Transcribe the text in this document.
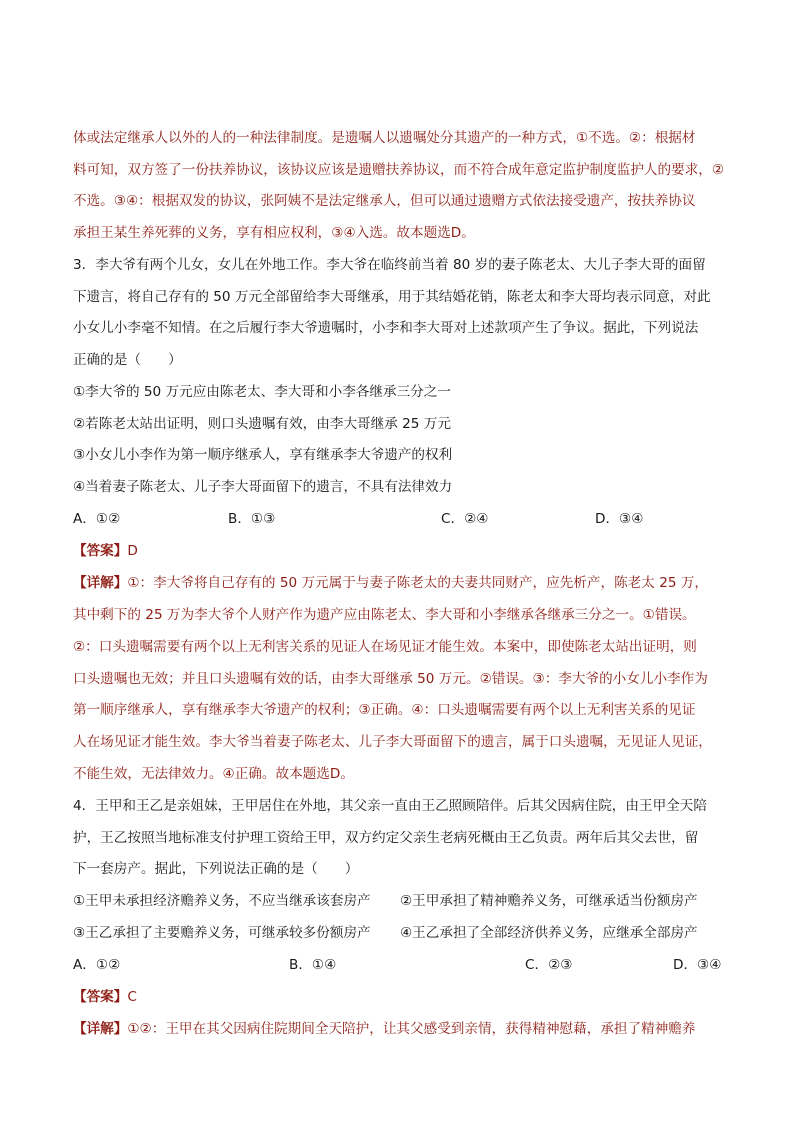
体或法定继承人以外的人的一种法律制度。是遗嘱人以遗嘱处分其遗产的一种方式，①不选。②：根据材
料可知，双方签了一份扶养协议，该协议应该是遗赠扶养协议，而不符合成年意定监护制度监护人的要求，②
不选。③④：根据双发的协议，张阿姨不是法定继承人，但可以通过遗赠方式依法接受遗产，按扶养协议
承担王某生养死葬的义务，享有相应权利，③④入选。故本题选D。
3．李大爷有两个儿女，女儿在外地工作。李大爷在临终前当着 80 岁的妻子陈老太、大儿子李大哥的面留
下遗言，将自己存有的 50 万元全部留给李大哥继承，用于其结婚花销，陈老太和李大哥均表示同意，对此
小女儿小李毫不知情。在之后履行李大爷遗嘱时，小李和李大哥对上述款项产生了争议。据此，下列说法
正确的是（　　）
①李大爷的 50 万元应由陈老太、李大哥和小李各继承三分之一
②若陈老太站出证明，则口头遗嘱有效，由李大哥继承 25 万元
③小女儿小李作为第一顺序继承人，享有继承李大爷遗产的权利
④当着妻子陈老太、儿子李大哥面留下的遗言，不具有法律效力
A．①②	B．①③	C．②④	D．③④
【答案】D
【详解】①：李大爷将自己存有的 50 万元属于与妻子陈老太的夫妻共同财产，应先析产，陈老太 25 万，
其中剩下的 25 万为李大爷个人财产作为遗产应由陈老太、李大哥和小李继承各继承三分之一。①错误。
②：口头遗嘱需要有两个以上无利害关系的见证人在场见证才能生效。本案中，即使陈老太站出证明，则
口头遗嘱也无效；并且口头遗嘱有效的话，由李大哥继承 50 万元。②错误。③：李大爷的小女儿小李作为
第一顺序继承人，享有继承李大爷遗产的权利；③正确。④：口头遗嘱需要有两个以上无利害关系的见证
人在场见证才能生效。李大爷当着妻子陈老太、儿子李大哥面留下的遗言，属于口头遗嘱，无见证人见证，
不能生效，无法律效力。④正确。故本题选D。
4．王甲和王乙是亲姐妹，王甲居住在外地，其父亲一直由王乙照顾陪伴。后其父因病住院，由王甲全天陪
护，王乙按照当地标准支付护理工资给王甲，双方约定父亲生老病死概由王乙负责。两年后其父去世，留
下一套房产。据此，下列说法正确的是（　　）
①王甲未承担经济赡养义务，不应当继承该套房产 ②王甲承担了精神赡养义务，可继承适当份额房产
③王乙承担了主要赡养义务，可继承较多份额房产 ④王乙承担了全部经济供养义务，应继承全部房产
A．①②	B．①④	C．②③	D．③④
【答案】C
【详解】①②：王甲在其父因病住院期间全天陪护，让其父感受到亲情，获得精神慰藉，承担了精神赡养
